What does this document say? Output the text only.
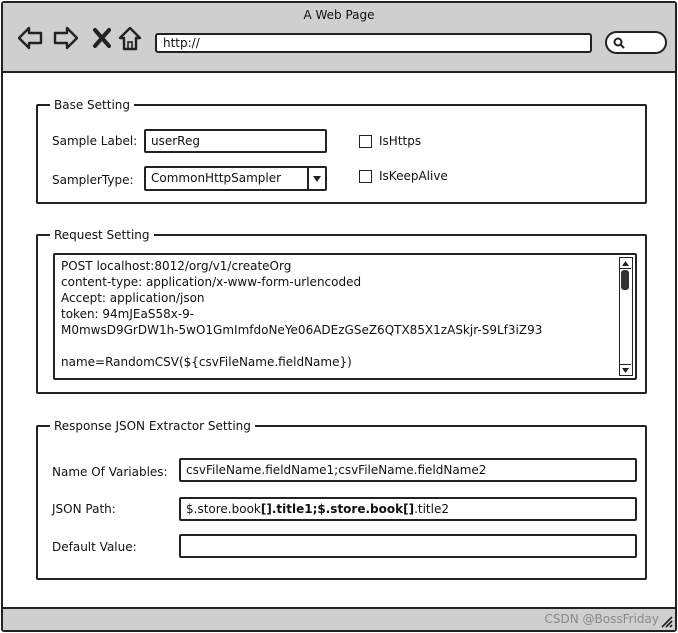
A Web Page
http://
Base Setting
Sample Label:	userReg	IsHttps
SamplerType: CommonHttpSampler	IsKeepAlive
Request Setting
POST localhost:8012/org/v1/createOrg
content-type: application/x-www-form-urlencoded
Accept: application/json
token: 94mJEaS58x-9-
M0mwsD9GrDW1h-5wO1GmImfdoNeYe06ADEzGSeZ6QTX85X1zASkjr-S9Lf3iZ93
name=RandomCSV(${csvFileName.fieldName})
Response JSON Extractor Setting
Name Of Variables:	csvFileName.fieldName1;csvFileName.fieldName2
JSON Path:	$.store.book[].title1;$.store.book[].title2
Default Value:
CSDN @BossFriday
